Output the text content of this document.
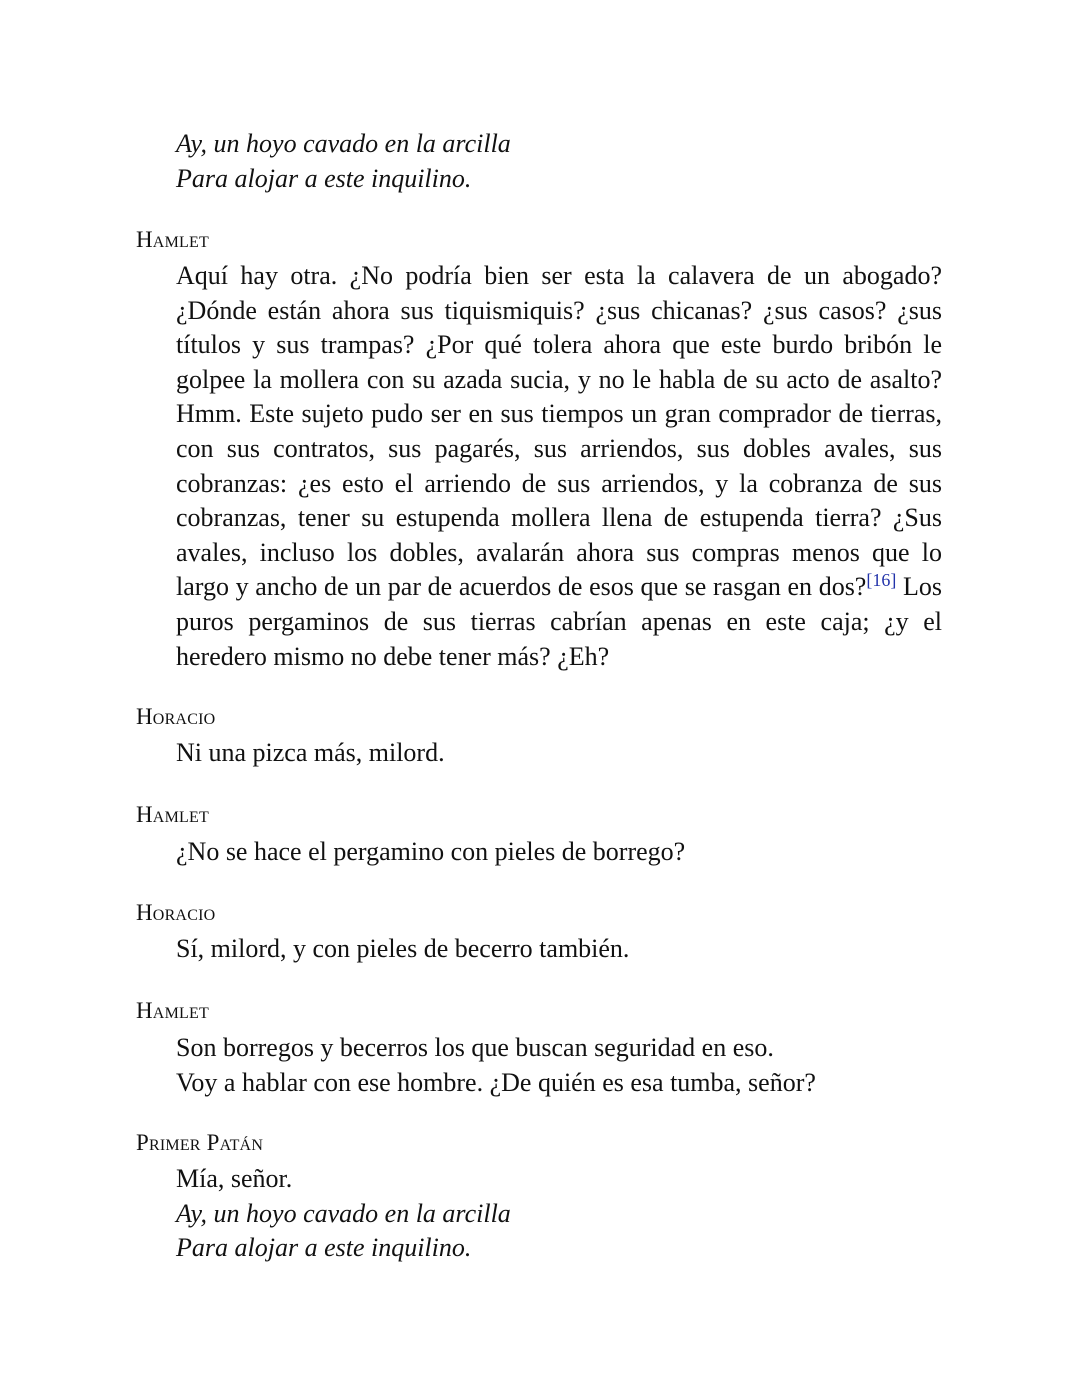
Ay, un hoyo cavado en la arcilla
Para alojar a este inquilino.

Hamlet

Aquí hay otra. ¿No podría bien ser esta la calavera de un abogado? ¿Dónde están ahora sus tiquismiquis? ¿sus chicanas? ¿sus casos? ¿sus títulos y sus trampas? ¿Por qué tolera ahora que este burdo bribón le golpee la mollera con su azada sucia, y no le habla de su acto de asalto? Hmm. Este sujeto pudo ser en sus tiempos un gran comprador de tierras, con sus contratos, sus pagarés, sus arriendos, sus dobles avales, sus cobranzas: ¿es esto el arriendo de sus arriendos, y la cobranza de sus cobranzas, tener su estupenda mollera llena de estupenda tierra? ¿Sus avales, incluso los dobles, avalarán ahora sus compras menos que lo largo y ancho de un par de acuerdos de esos que se rasgan en dos?[16] Los puros pergaminos de sus tierras cabrían apenas en este caja; ¿y el heredero mismo no debe tener más? ¿Eh?

Horacio

Ni una pizca más, milord.

Hamlet

¿No se hace el pergamino con pieles de borrego?

Horacio

Sí, milord, y con pieles de becerro también.

Hamlet

Son borregos y becerros los que buscan seguridad en eso.
Voy a hablar con ese hombre. ¿De quién es esa tumba, señor?

Primer Patán

Mía, señor.
Ay, un hoyo cavado en la arcilla
Para alojar a este inquilino.
